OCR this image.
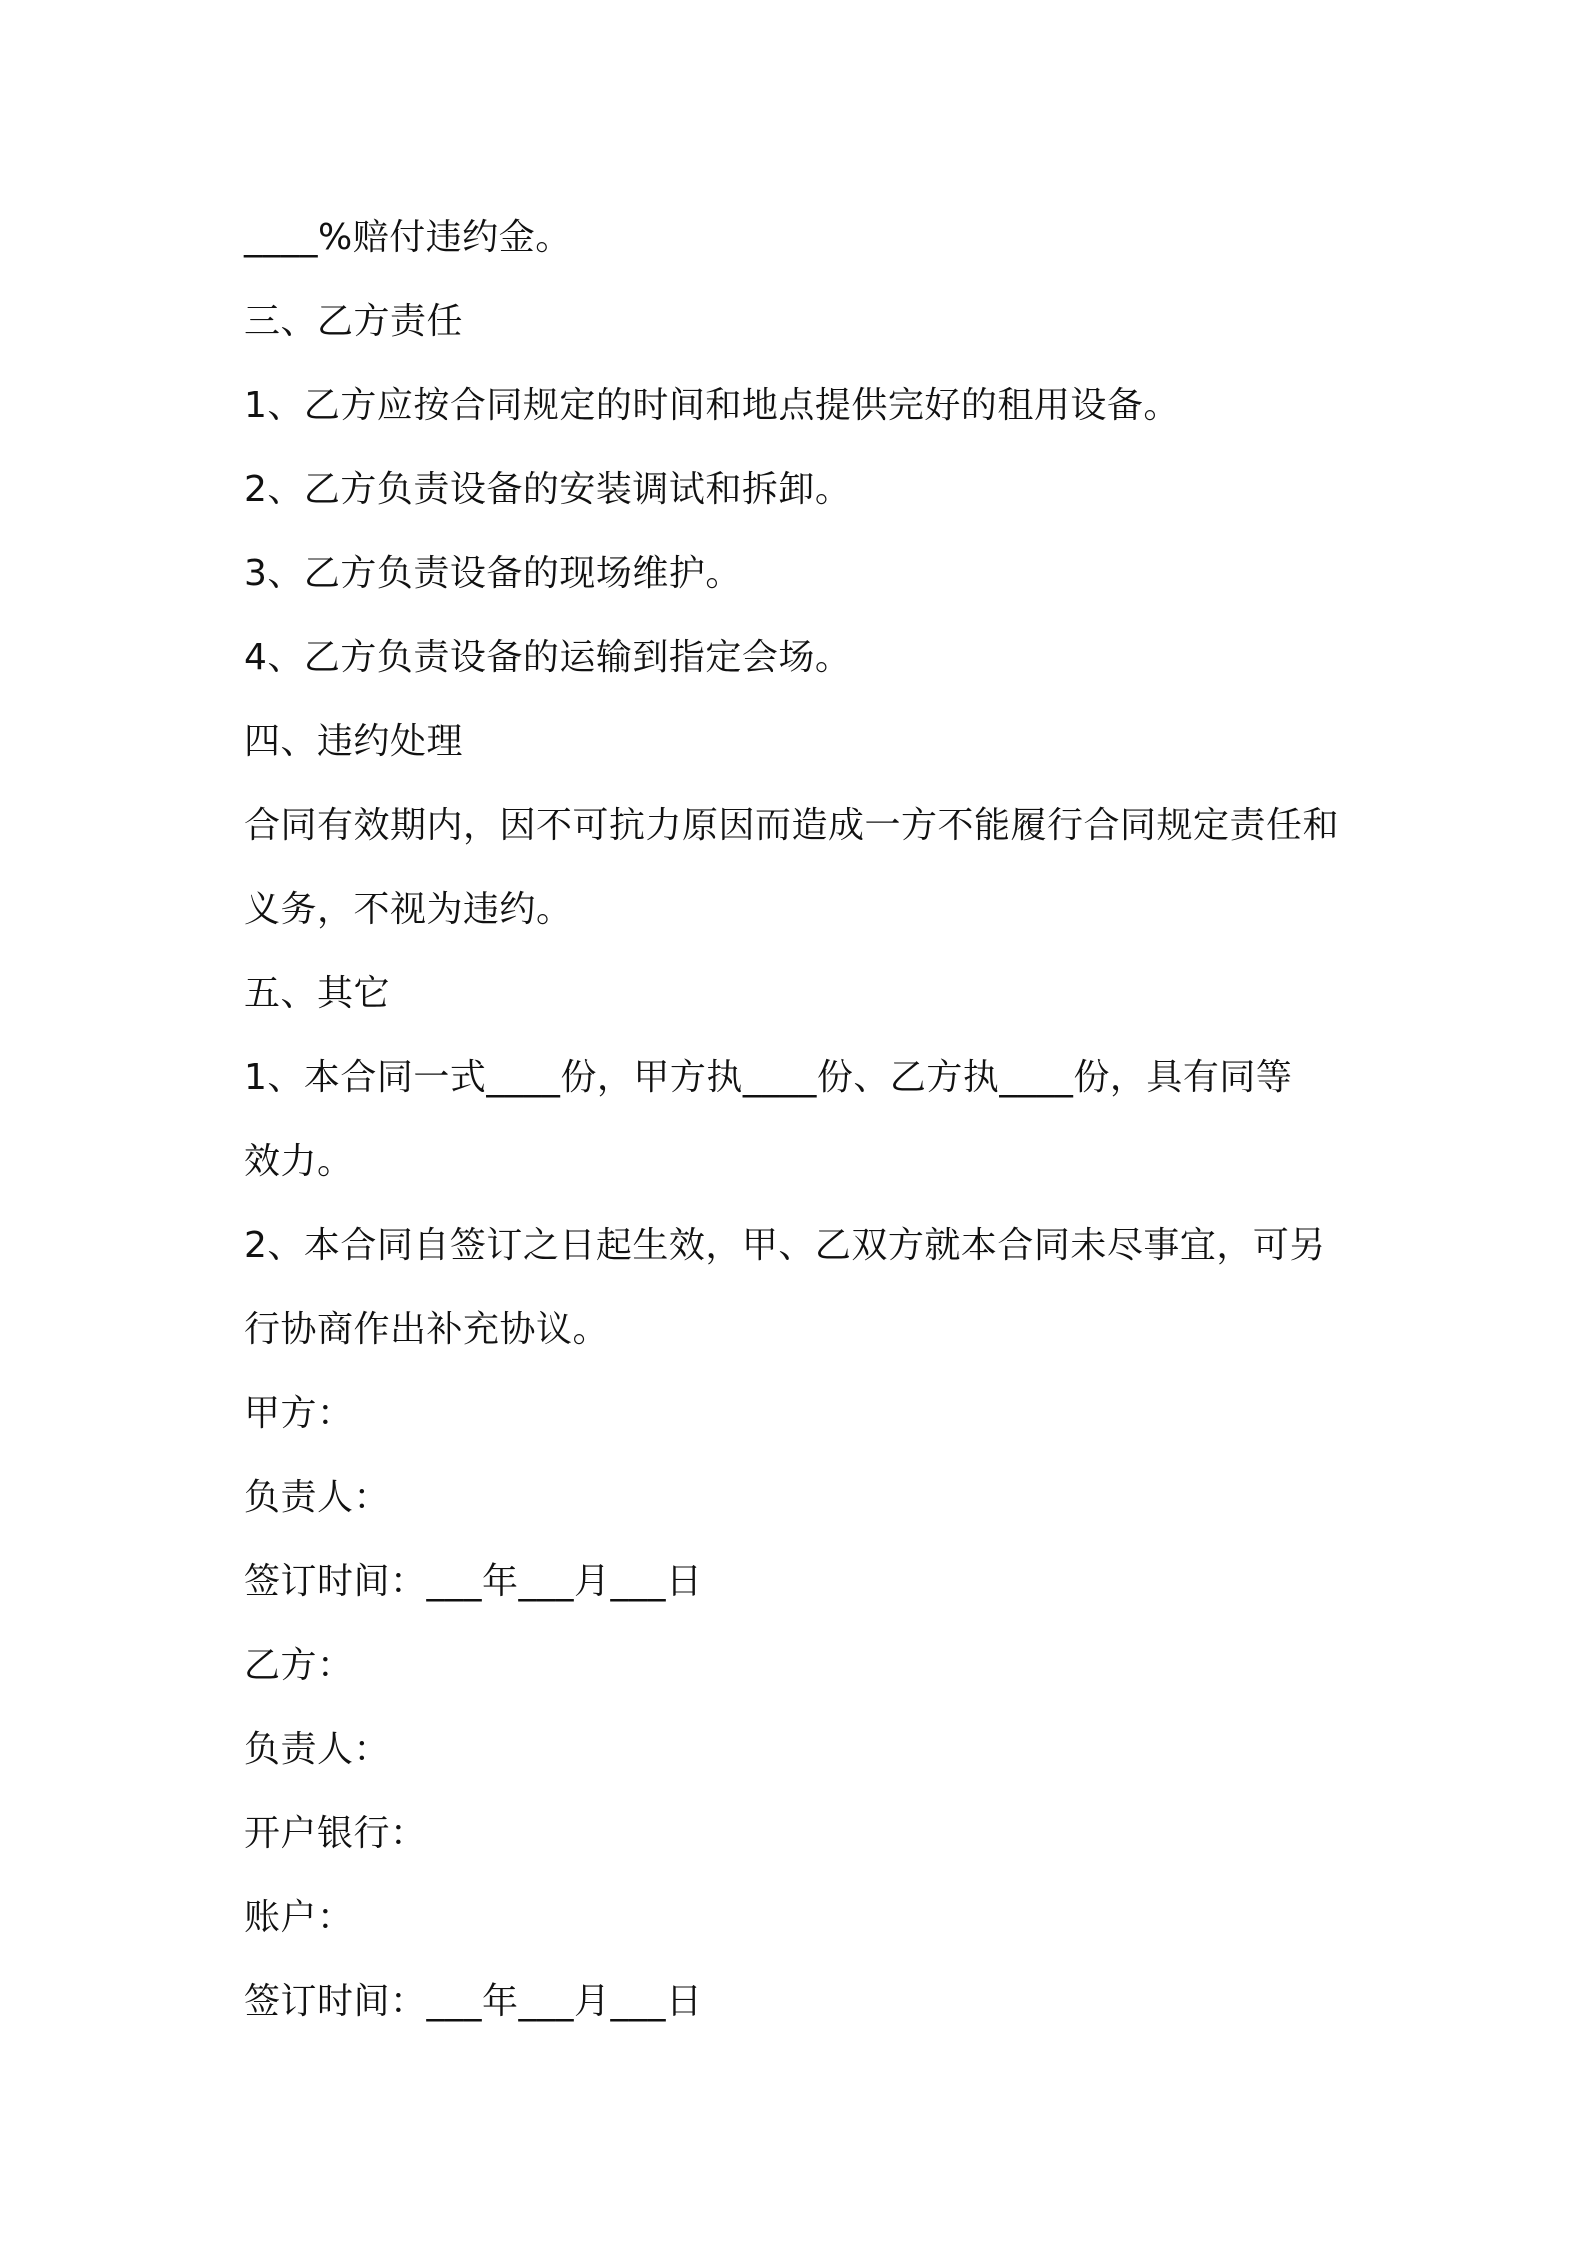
____%赔付违约金。
三、乙方责任
1、乙方应按合同规定的时间和地点提供完好的租用设备。
2、乙方负责设备的安装调试和拆卸。
3、乙方负责设备的现场维护。
4、乙方负责设备的运输到指定会场。
四、违约处理
合同有效期内，因不可抗力原因而造成一方不能履行合同规定责任和
义务，不视为违约。
五、其它
1、本合同一式____份，甲方执____份、乙方执____份，具有同等
效力。
2、本合同自签订之日起生效，甲、乙双方就本合同未尽事宜，可另
行协商作出补充协议。
甲方：
负责人：
签订时间：___年___月___日
乙方：
负责人：
开户银行：
账户：
签订时间：___年___月___日
